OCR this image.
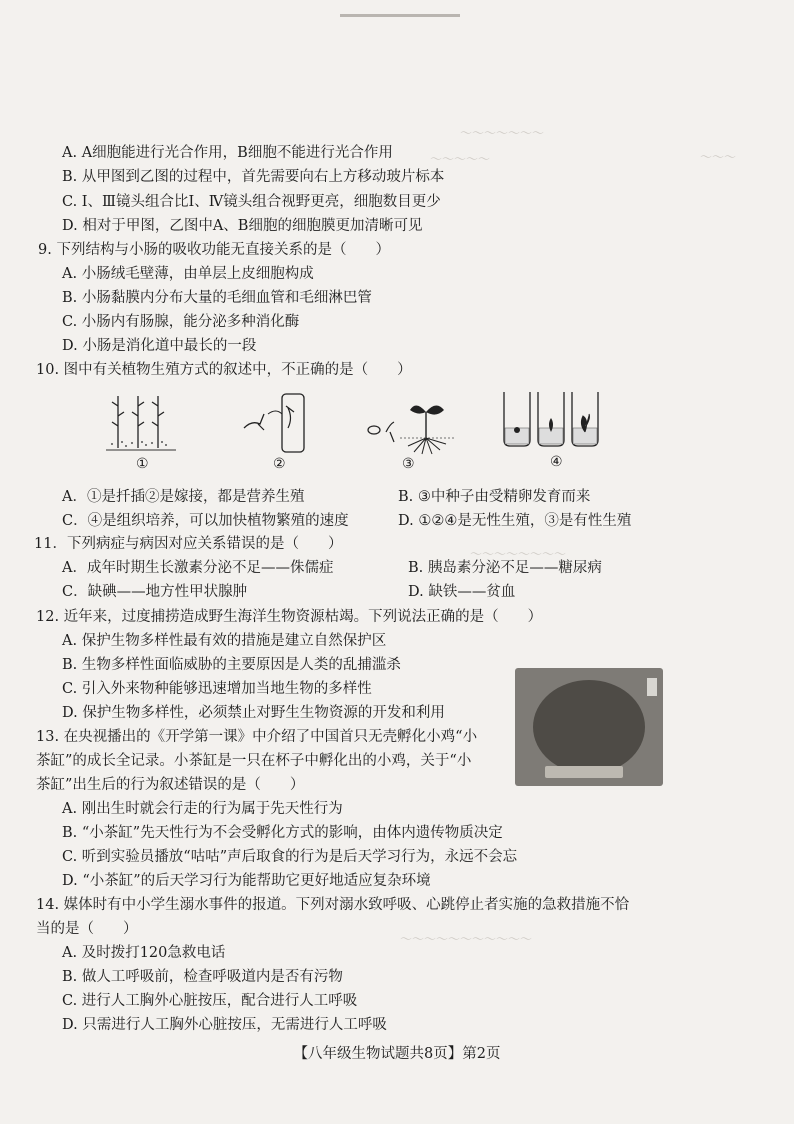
～～～～～～～
～～～～～	～～～
～～～～～～～～
～～～～～～～～～～～
A. A细胞能进行光合作用，B细胞不能进行光合作用
B. 从甲图到乙图的过程中，首先需要向右上方移动玻片标本
C. Ⅰ、Ⅲ镜头组合比Ⅰ、Ⅳ镜头组合视野更亮，细胞数目更少
D. 相对于甲图，乙图中A、B细胞的细胞膜更加清晰可见
9. 下列结构与小肠的吸收功能无直接关系的是（　　）
A. 小肠绒毛壁薄，由单层上皮细胞构成
B. 小肠黏膜内分布大量的毛细血管和毛细淋巴管
C. 小肠内有肠腺，能分泌多种消化酶
D. 小肠是消化道中最长的一段
10. 图中有关植物生殖方式的叙述中，不正确的是（　　）
①	②	③	④
A．①是扦插②是嫁接，都是营养生殖	B. ③中种子由受精卵发育而来
C．④是组织培养，可以加快植物繁殖的速度	D. ①②④是无性生殖，③是有性生殖
11．下列病症与病因对应关系错误的是（　　）
A．成年时期生长激素分泌不足——侏儒症	B. 胰岛素分泌不足——糖尿病
C．缺碘——地方性甲状腺肿	D. 缺铁——贫血
12. 近年来，过度捕捞造成野生海洋生物资源枯竭。下列说法正确的是（　　）
A. 保护生物多样性最有效的措施是建立自然保护区
B. 生物多样性面临威胁的主要原因是人类的乱捕滥杀
C. 引入外来物种能够迅速增加当地生物的多样性
D. 保护生物多样性，必须禁止对野生生物资源的开发和利用
13. 在央视播出的《开学第一课》中介绍了中国首只无壳孵化小鸡“小
茶缸”的成长全记录。小茶缸是一只在杯子中孵化出的小鸡，关于“小
茶缸”出生后的行为叙述错误的是（　　）
A. 刚出生时就会行走的行为属于先天性行为
B. “小茶缸”先天性行为不会受孵化方式的影响，由体内遗传物质决定
C. 听到实验员播放“咕咕”声后取食的行为是后天学习行为，永远不会忘
D. “小茶缸”的后天学习行为能帮助它更好地适应复杂环境
14. 媒体时有中小学生溺水事件的报道。下列对溺水致呼吸、心跳停止者实施的急救措施不恰
当的是（　　）
A. 及时拨打120急救电话
B. 做人工呼吸前，检查呼吸道内是否有污物
C. 进行人工胸外心脏按压，配合进行人工呼吸
D. 只需进行人工胸外心脏按压，无需进行人工呼吸
【八年级生物试题共8页】第2页
